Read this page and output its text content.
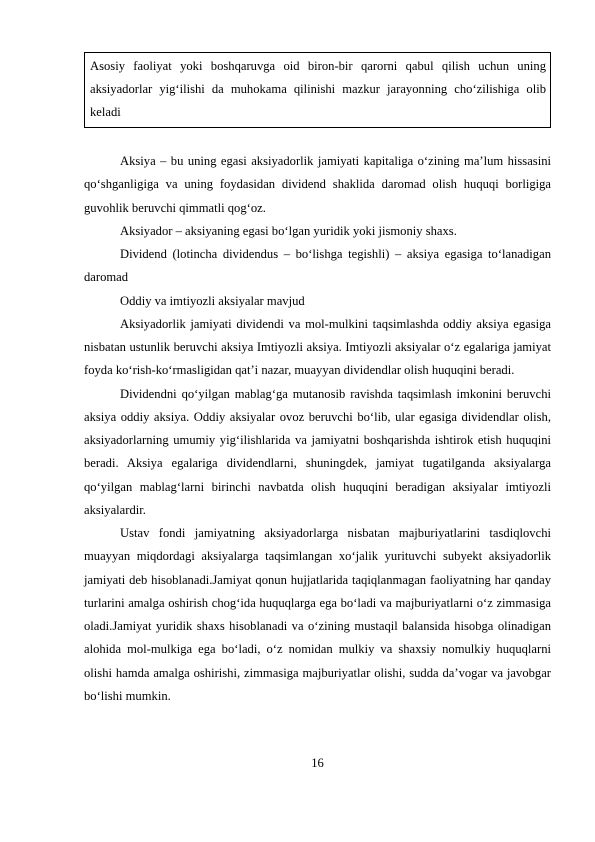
Asosiy faoliyat yoki boshqaruvga oid biron-bir qarorni qabul qilish uchun uning aksiyadorlar yig‘ilishi da muhokama qilinishi mazkur jarayonning cho‘zilishiga olib keladi

Aksiya – bu uning egasi aksiyadorlik jamiyati kapitaliga o‘zining ma’lum hissasini qo‘shganligiga va uning foydasidan dividend shaklida daromad olish huquqi borligiga guvohlik beruvchi qimmatli qog‘oz.

Aksiyador – aksiyaning egasi bo‘lgan yuridik yoki jismoniy shaxs.

Dividend (lotincha dividendus – bo‘lishga tegishli) – aksiya egasiga to‘lanadigan daromad

Oddiy va imtiyozli aksiyalar mavjud

Aksiyadorlik jamiyati dividendi va mol-mulkini taqsimlashda oddiy aksiya egasiga nisbatan ustunlik beruvchi aksiya Imtiyozli aksiya. Imtiyozli aksiyalar o‘z egalariga jamiyat foyda ko‘rish-ko‘rmasligidan qat’i nazar, muayyan dividendlar olish huquqini beradi.

Dividendni qo‘yilgan mablag‘ga mutanosib ravishda taqsimlash imkonini beruvchi aksiya oddiy aksiya. Oddiy aksiyalar ovoz beruvchi bo‘lib, ular egasiga dividendlar olish, aksiyadorlarning umumiy yig‘ilishlarida va jamiyatni boshqarishda ishtirok etish huquqini beradi. Aksiya egalariga dividendlarni, shuningdek, jamiyat tugatilganda aksiyalarga qo‘yilgan mablag‘larni birinchi navbatda olish huquqini beradigan aksiyalar imtiyozli aksiyalardir.

Ustav fondi jamiyatning aksiyadorlarga nisbatan majburiyatlarini tasdiqlovchi muayyan miqdordagi aksiyalarga taqsimlangan xo‘jalik yurituvchi subyekt aksiyadorlik jamiyati deb hisoblanadi.Jamiyat qonun hujjatlarida taqiqlanmagan faoliyatning har qanday turlarini amalga oshirish chog‘ida huquqlarga ega bo‘ladi va majburiyatlarni o‘z zimmasiga oladi.Jamiyat yuridik shaxs hisoblanadi va o‘zining mustaqil balansida hisobga olinadigan alohida mol-mulkiga ega bo‘ladi, o‘z nomidan mulkiy va shaxsiy nomulkiy huquqlarni olishi hamda amalga oshirishi, zimmasiga majburiyatlar olishi, sudda da’vogar va javobgar bo‘lishi mumkin.

16
